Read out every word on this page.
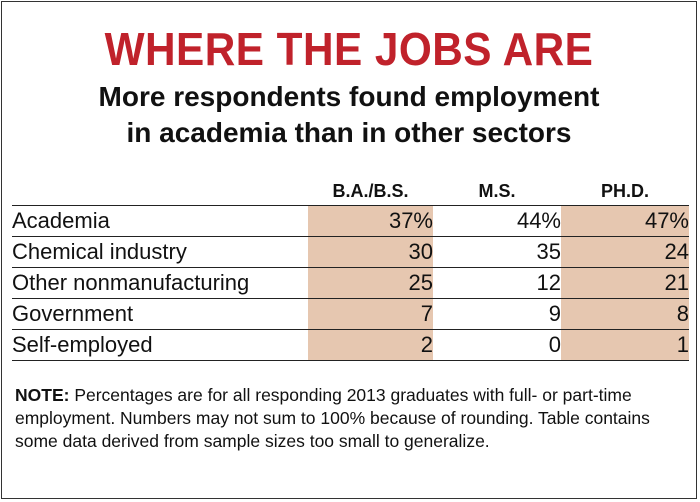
WHERE THE JOBS ARE
More respondents found employment
in academia than in other sectors
	B.A./B.S.	M.S.	PH.D.
Academia	37%	44%	47%
Chemical industry	30	35	24
Other nonmanufacturing	25	12	21
Government	7	9	8
Self-employed	2	0	1
NOTE: Percentages are for all responding 2013 graduates with full- or part-time employment. Numbers may not sum to 100% because of rounding. Table contains some data derived from sample sizes too small to generalize.
